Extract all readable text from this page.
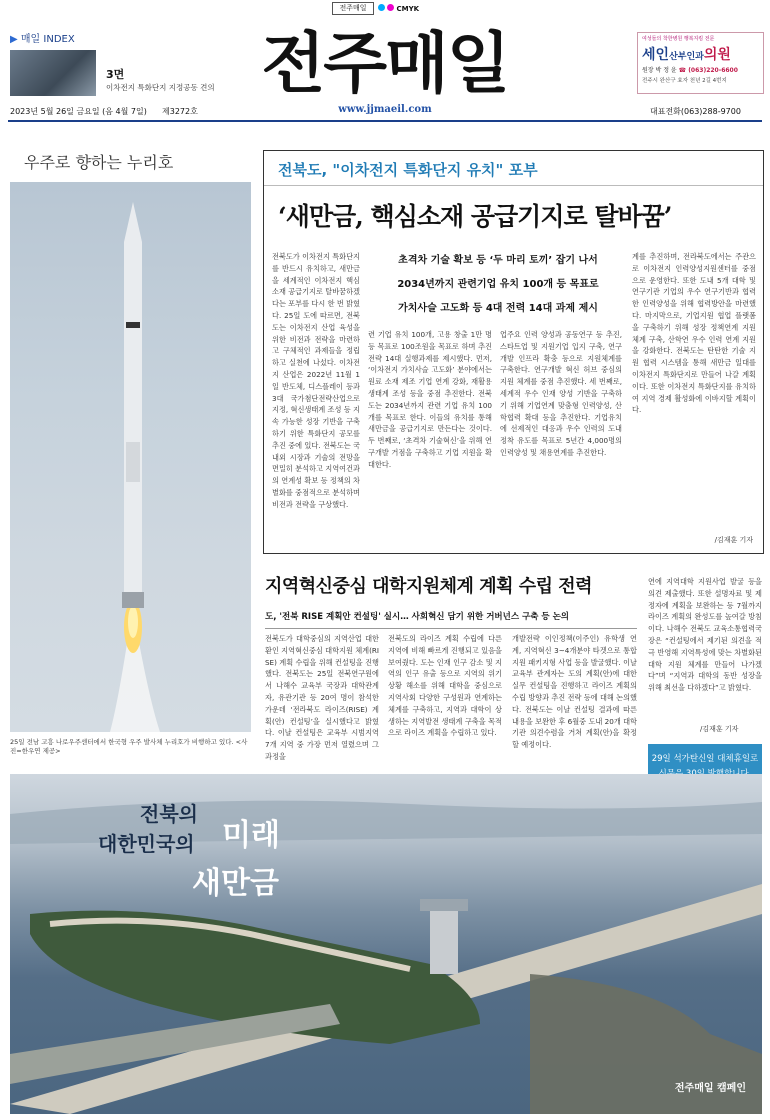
전주매일	CMYK
▶ 매일 INDEX
3면
이차전지 특화단지 지정공동 견의 전주매일
www.jjmaeil.com
여성들의 착한병원 행복지킴 전문
세인산부인과의원
원장 박 정 윤 ☎ (063)220-6600
전주시 완산구 효자 천년 2길 4번지
2023년 5월 26일 금요일 (음 4월 7일) 제3272호	대표전화(063)288-9700
우주로 향하는 누리호
25일 전남 고흥 나로우주센터에서 한국형 우주 발사체 누리호가 비행하고 있다. <사진=한우연 제공>
전북도, "이차전지 특화단지 유치" 포부
‘새만금, 핵심소재 공급기지로 탈바꿈’
전북도가 이차전지 특화단지를 반드시 유치하고, 새만금을 세계적인 이차전지 핵심소재 공급기지로 탈바꿈하겠다는 포부를 다시 한 번 밝혔다. 25일 도에 따르면, 전북도는 이차전지 산업 육성을 위한 비전과 전략을 마련하고 구체적인 과제들을 정립하고 실천에 나섰다. 이차전지 산업은 2022년 11월 1일 반도체, 디스플레이 등과 3대 국가첨단전략산업으로 지정, 혁신생태계 조성 등 지속 가능한 성장 기반을 구축하기 위한 특화단지 공모를 추진 중에 있다. 전북도는 국내외 시장과 기술의 전망을 면밀히 분석하고 지역여건과의 연계성 확보 등 정책의 차별화를 중점적으로 분석하며 비전과 전략을 구상했다.
초격차 기술 확보 등 ‘두 마리 토끼’ 잡기 나서
2034년까지 관련기업 유치 100개 등 목표로
가치사슬 고도화 등 4대 전력 14대 과제 제시
련 기업 유치 100개, 고용 창출 1만 명 등 목표로 100조원을 목표로 하며 추진전략 14대 실행과제를 제시했다. 먼저, ‘이차전지 가치사슬 고도화’ 분야에서는 원료 소재 제조 기업 연계 강화, 재활용 생태계 조성 등을 중점 추진한다. 전북도는 2034년까지 관련 기업 유치 100개를 목표로 한다. 이들의 유치를 통해 새만금을 공급기지로 만든다는 것이다. 두 번째로, ‘초격차 기술혁신’을 위해 연구개발 거점을 구축하고 기업 지원을 확대한다.
업주요 인력 양성과 공동연구 등 추진, 스타트업 및 지원기업 입지 구축, 연구개발 인프라 확충 등으로 지원체계를 구축한다. 연구개발 혁신 허브 중심의 지원 체계를 중점 추진했다. 세 번째로, 세계적 우수 인재 양성 기반을 구축하기 위해 기업연계 맞춤형 인력양성, 산학협력 확대 등을 추진한다. 기업유치에 선제적인 대응과 우수 인력의 도내 정착 유도를 목표로 5년간 4,000명의 인력양성 및 채용연계를 추진한다.
계를 추진하며, 전라북도에서는 주관으로 이차전지 인력양성지원센터를 중점으로 운영한다. 또한 도내 5개 대학 및 연구기관 기업의 우수 연구기반과 협력한 인력양성을 위해 협력방안을 마련했다. 마지막으로, 기업지원 협업 플랫폼을 구축하기 위해 성장 정책연계 지원 체계 구축, 산학연 우수 인력 연계 지원을 강화한다. 전북도는 탄탄한 기술 지원 협력 시스템을 통해 새만금 일대를 이차전지 특화단지로 만들어 나갈 계획이다. 또한 이차전지 특화단지를 유치하여 지역 경제 활성화에 이바지할 계획이다.
/김재훈 기자
지역혁신중심 대학지원체계 계획 수립 전력
도, '전북 RISE 계획안 컨설팅' 실시… 사회혁신 담기 위한 거버넌스 구축 등 논의
전북도가 대학중심의 지역산업 대한 환인 지역혁신중심 대학지원 체계(RISE) 계획 수립을 위해 컨설팅을 진행했다. 전북도는 25일 전북연구원에서 나해수 교육부 국장과 대학관계자, 유관기관 등 20여 명이 참석한 가운데 ‘전라북도 라이즈(RISE) 계획(안) 컨설팅’을 실시했다고 밝혔다. 이날 컨설팅은 교육부 시범지역 7개 지역 중 가장 먼저 열렸으며 그 과정을
전북도의 라이즈 계획 수립에 다른 지역에 비해 빠르게 진행되고 있음을 보여줬다. 도는 인재 인구 감소 및 지역의 인구 유출 등으로 지역의 위기 상황 해소를 위해 대학을 중심으로 지역사회 다양한 구성원과 연계하는 체계를 구축하고, 지역과 대학이 상생하는 지역발전 생태계 구축을 목적으로 라이즈 계획을 수립하고 있다.
개발전략 이인정책(이주인) 유학생 연계, 지역혁신 3~4개분야 타겟으로 통합지원 패키지형 사업 등을 발굴했다. 이날 교육부 관계자는 도의 계획(안)에 대한 실무 컨설팅을 진행하고 라이즈 계획의 수립 방향과 추진 전략 등에 대해 논의했다. 전북도는 이날 컨설팅 결과에 따른 내용을 보완한 후 6월중 도내 20개 대학 기관 의견수렴을 거쳐 계획(안)을 확정할 예정이다.
연에 지역대학 지원사업 발굴 등을 의견 제출했다. 또한 설명자료 및 제정자에 계획을 보완하는 등 7월까지 라이즈 계획의 완성도를 높여갈 방침이다. 나해수 전북도 교육소통협력국장은 “컨설팅에서 제기된 의견을 적극 반영해 지역특성에 맞는 차별화된 대학 지원 체계를 만들어 나가겠다”며 “지역과 대학의 동반 성장을 위해 최선을 다하겠다”고 밝혔다.
/김재훈 기자
29일 석가탄신일 대체휴일로
전북의
대한민국의 미래
새만금
전주매일 캠페인
